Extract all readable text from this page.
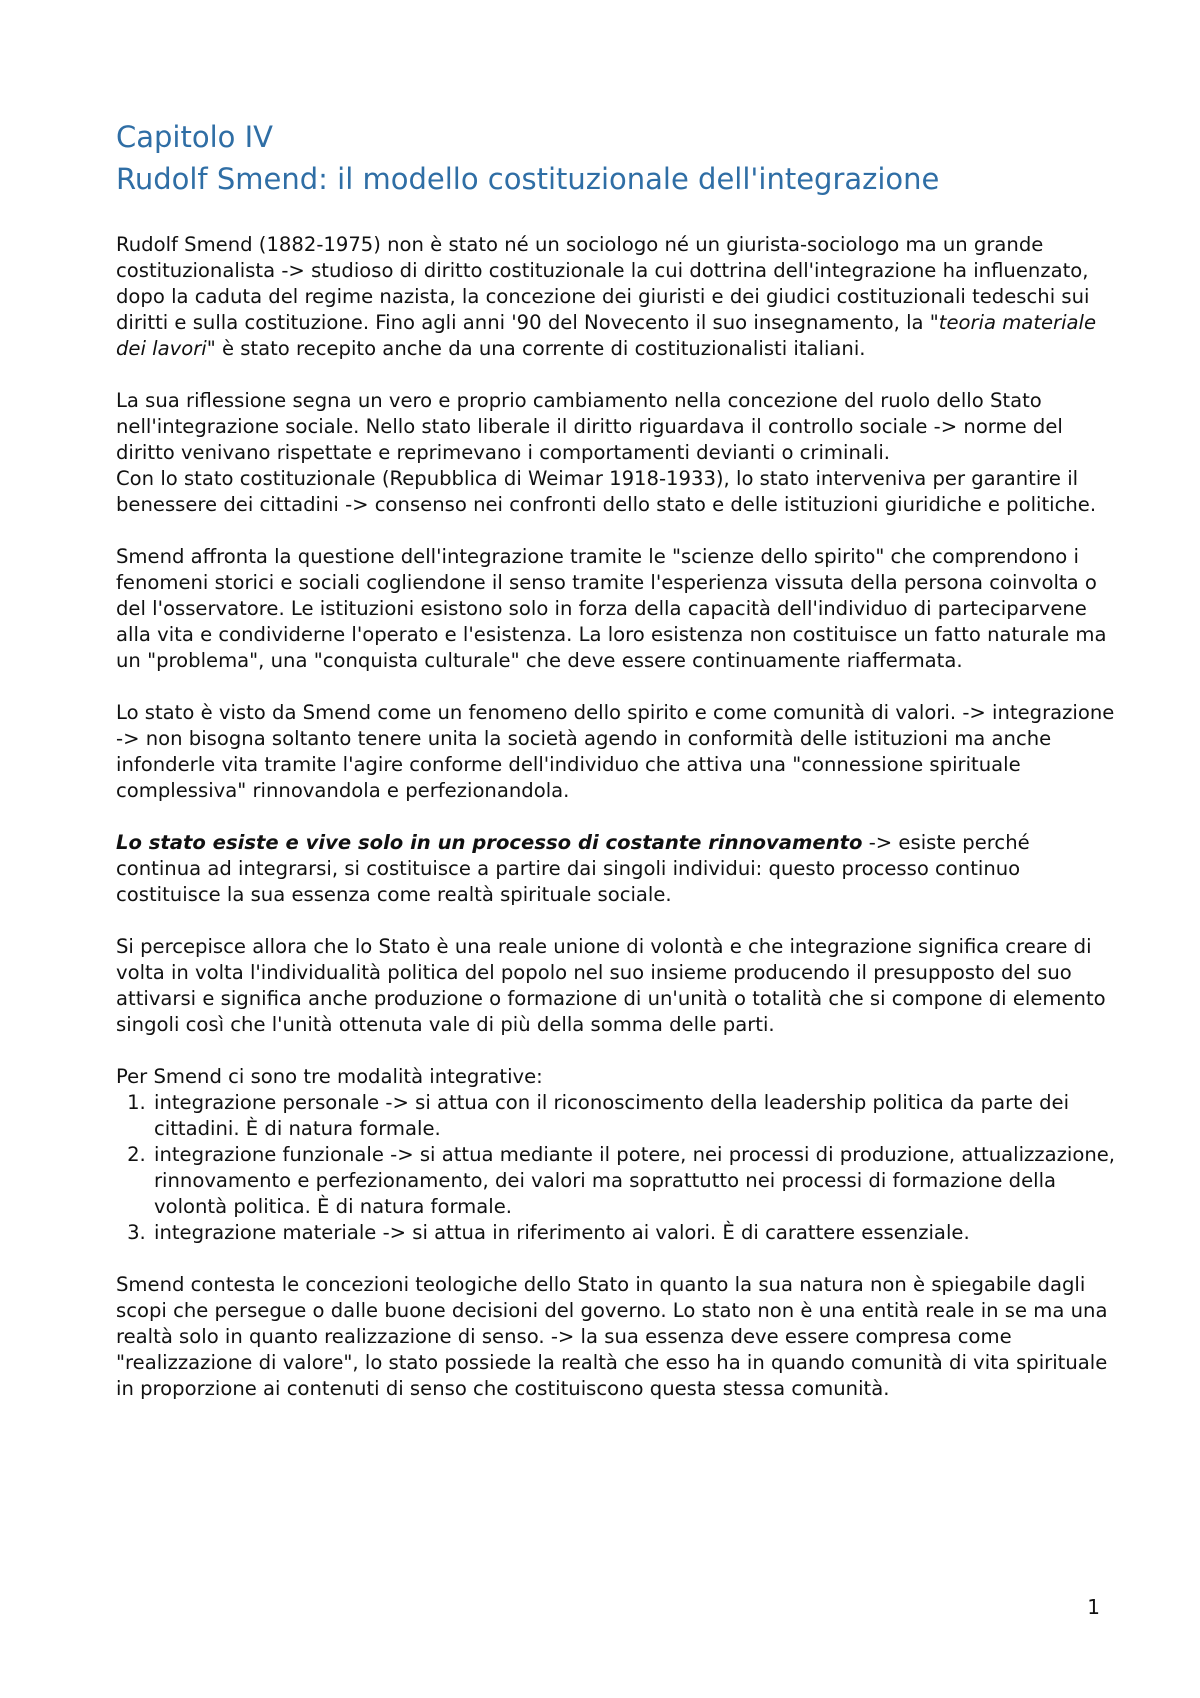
Capitolo IV
Rudolf Smend: il modello costituzionale dell'integrazione

Rudolf Smend (1882-1975) non è stato né un sociologo né un giurista-sociologo ma un grande costituzionalista -> studioso di diritto costituzionale la cui dottrina dell'integrazione ha influenzato, dopo la caduta del regime nazista, la concezione dei giuristi e dei giudici costituzionali tedeschi sui diritti e sulla costituzione. Fino agli anni '90 del Novecento il suo insegnamento, la "teoria materiale dei lavori" è stato recepito anche da una corrente di costituzionalisti italiani.

La sua riflessione segna un vero e proprio cambiamento nella concezione del ruolo dello Stato nell'integrazione sociale. Nello stato liberale il diritto riguardava il controllo sociale -> norme del diritto venivano rispettate e reprimevano i comportamenti devianti o criminali.

Con lo stato costituzionale (Repubblica di Weimar 1918-1933), lo stato interveniva per garantire il benessere dei cittadini -> consenso nei confronti dello stato e delle istituzioni giuridiche e politiche.

Smend affronta la questione dell'integrazione tramite le "scienze dello spirito" che comprendono i fenomeni storici e sociali cogliendone il senso tramite l'esperienza vissuta della persona coinvolta o del l'osservatore. Le istituzioni esistono solo in forza della capacità dell'individuo di parteciparvene alla vita e condividerne l'operato e l'esistenza. La loro esistenza non costituisce un fatto naturale ma un "problema", una "conquista culturale" che deve essere continuamente riaffermata.

Lo stato è visto da Smend come un fenomeno dello spirito e come comunità di valori. -> integrazione -> non bisogna soltanto tenere unita la società agendo in conformità delle istituzioni ma anche infonderle vita tramite l'agire conforme dell'individuo che attiva una "connessione spirituale complessiva" rinnovandola e perfezionandola.

Lo stato esiste e vive solo in un processo di costante rinnovamento -> esiste perché continua ad integrarsi, si costituisce a partire dai singoli individui: questo processo continuo costituisce la sua essenza come realtà spirituale sociale.

Si percepisce allora che lo Stato è una reale unione di volontà e che integrazione significa creare di volta in volta l'individualità politica del popolo nel suo insieme producendo il presupposto del suo attivarsi e significa anche produzione o formazione di un'unità o totalità che si compone di elemento singoli così che l'unità ottenuta vale di più della somma delle parti.

Per Smend ci sono tre modalità integrative:

1. integrazione personale -> si attua con il riconoscimento della leadership politica da parte dei cittadini. È di natura formale.
2. integrazione funzionale -> si attua mediante il potere, nei processi di produzione, attualizzazione, rinnovamento e perfezionamento, dei valori ma soprattutto nei processi di formazione della volontà politica. È di natura formale.
3. integrazione materiale -> si attua in riferimento ai valori. È di carattere essenziale.

Smend contesta le concezioni teologiche dello Stato in quanto la sua natura non è spiegabile dagli scopi che persegue o dalle buone decisioni del governo. Lo stato non è una entità reale in se ma una realtà solo in quanto realizzazione di senso. -> la sua essenza deve essere compresa come "realizzazione di valore", lo stato possiede la realtà che esso ha in quando comunità di vita spirituale in proporzione ai contenuti di senso che costituiscono questa stessa comunità.

1
